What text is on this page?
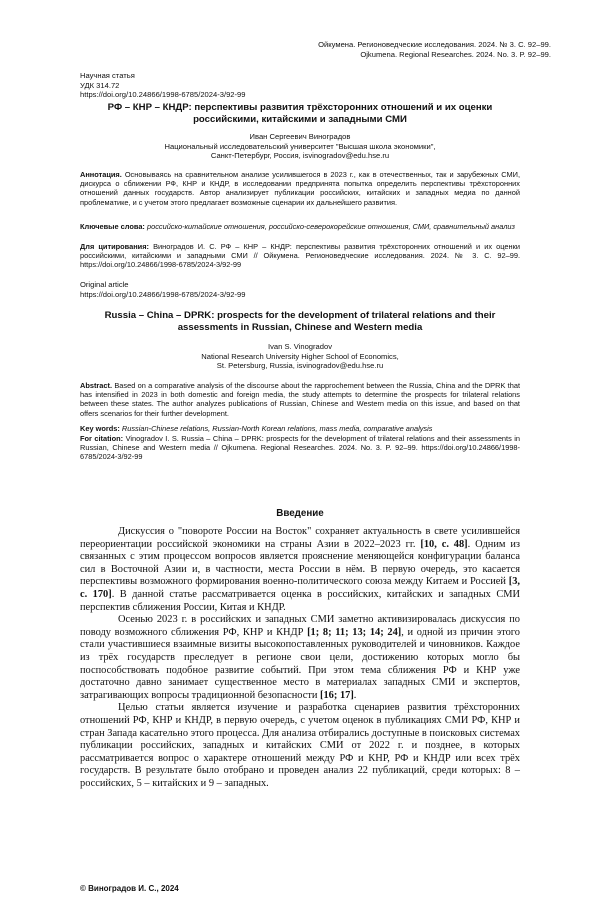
Ойкумена. Регионоведческие исследования. 2024. № 3. С. 92–99.
Ojkumena. Regional Researches. 2024. No. 3. P. 92–99.
Научная статья
УДК 314.72
https://doi.org/10.24866/1998-6785/2024-3/92-99
РФ – КНР – КНДР: перспективы развития трёхсторонних отношений и их оценки российскими, китайскими и западными СМИ
Иван Сергеевич Виноградов
Национальный исследовательский университет "Высшая школа экономики",
Санкт-Петербург, Россия, isvinogradov@edu.hse.ru
Аннотация. Основываясь на сравнительном анализе усилившегося в 2023 г., как в отечественных, так и зарубежных СМИ, дискурса о сближении РФ, КНР и КНДР, в исследовании предпринята попытка определить перспективы трёхсторонних отношений данных государств. Автор анализирует публикации российских, китайских и западных медиа по данной проблематике, и с учетом этого предлагает возможные сценарии их дальнейшего развития.
Ключевые слова: российско-китайские отношения, российско-северокорейские отношения, СМИ, сравнительный анализ
Для цитирования: Виноградов И. С. РФ – КНР – КНДР: перспективы развития трёхсторонних отношений и их оценки российскими, китайскими и западными СМИ // Ойкумена. Регионоведческие исследования. 2024. № 3. С. 92–99. https://doi.org/10.24866/1998-6785/2024-3/92-99
Original article
https://doi.org/10.24866/1998-6785/2024-3/92-99
Russia – China – DPRK: prospects for the development of trilateral relations and their assessments in Russian, Chinese and Western media
Ivan S. Vinogradov
National Research University Higher School of Economics,
St. Petersburg, Russia, isvinogradov@edu.hse.ru
Abstract. Based on a comparative analysis of the discourse about the rapprochement between the Russia, China and the DPRK that has intensified in 2023 in both domestic and foreign media, the study attempts to determine the prospects for trilateral relations between these states. The author analyzes publications of Russian, Chinese and Western media on this issue, and based on that offers scenarios for their further development.
Key words: Russian-Chinese relations, Russian-North Korean relations, mass media, comparative analysis
For citation: Vinogradov I. S. Russia – China – DPRK: prospects for the development of trilateral relations and their assessments in Russian, Chinese and Western media // Ojkumena. Regional Researches. 2024. No. 3. P. 92–99. https://doi.org/10.24866/1998-6785/2024-3/92-99
Введение

Дискуссия о "повороте России на Восток" сохраняет актуальность в свете усилившейся переориентации российской экономики на страны Азии в 2022–2023 гг. [10, с. 48]. Одним из связанных с этим процессом вопросов является прояснение меняющейся конфигурации баланса сил в Восточной Азии и, в частности, места России в нём. В первую очередь, это касается перспективы возможного формирования военно-политического союза между Китаем и Россией [3, с. 170]. В данной статье рассматривается оценка в российских, китайских и западных СМИ перспектив сближения России, Китая и КНДР.

Осенью 2023 г. в российских и западных СМИ заметно активизировалась дискуссия по поводу возможного сближения РФ, КНР и КНДР [1; 8; 11; 13; 14; 24], и одной из причин этого стали участившиеся взаимные визиты высокопоставленных руководителей и чиновников. Каждое из трёх государств преследует в регионе свои цели, достижению которых могло бы поспособствовать подобное развитие событий. При этом тема сближения РФ и КНР уже достаточно давно занимает существенное место в материалах западных СМИ и экспертов, затрагивающих вопросы традиционной безопасности [16; 17].

Целью статьи является изучение и разработка сценариев развития трёхсторонних отношений РФ, КНР и КНДР, в первую очередь, с учетом оценок в публикациях СМИ РФ, КНР и стран Запада касательно этого процесса. Для анализа отбирались доступные в поисковых системах публикации российских, западных и китайских СМИ от 2022 г. и позднее, в которых рассматривается вопрос о характере отношений между РФ и КНР, РФ и КНДР или всех трёх государств. В результате было отобрано и проведен анализ 22 публикаций, среди которых: 8 – российских, 5 – китайских и 9 – западных.

© Виноградов И. С., 2024
